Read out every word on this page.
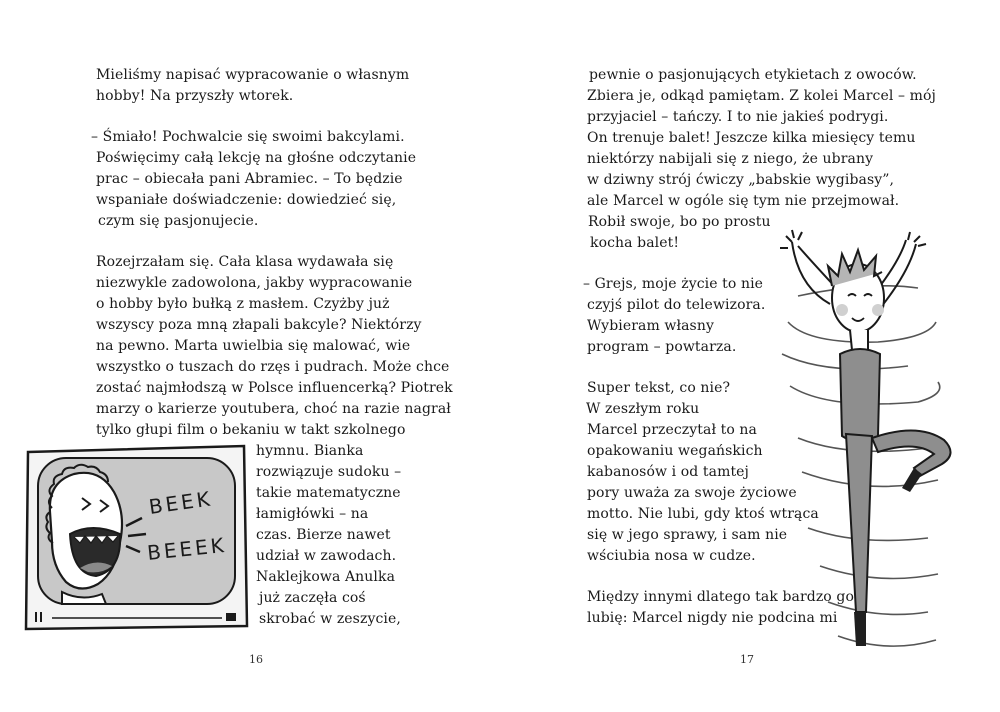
Mieliśmy napisać wypracowanie o własnym
hobby! Na przyszły wtorek.
– Śmiało! Pochwalcie się swoimi bakcylami.
Poświęcimy całą lekcję na głośne odczytanie
prac – obiecała pani Abramiec. – To będzie
wspaniałe doświadczenie: dowiedzieć się,
czym się pasjonujecie.
Rozejrzałam się. Cała klasa wydawała się
niezwykle zadowolona, jakby wypracowanie
o hobby było bułką z masłem. Czyżby już
wszyscy poza mną złapali bakcyle? Niektórzy
na pewno. Marta uwielbia się malować, wie
wszystko o tuszach do rzęs i pudrach. Może chce
zostać najmłodszą w Polsce influencerką? Piotrek
marzy o karierze youtubera, choć na razie nagrał
tylko głupi film o bekaniu w takt szkolnego
hymnu. Bianka
rozwiązuje sudoku –
takie matematyczne
łamigłówki – na
czas. Bierze nawet
udział w zawodach.
Naklejkowa Anulka
już zaczęła coś
skrobać w zeszycie,
BEEK
BEEEK
16
pewnie o pasjonujących etykietach z owoców.
Zbiera je, odkąd pamiętam. Z kolei Marcel – mój
przyjaciel – tańczy. I to nie jakieś podrygi.
On trenuje balet! Jeszcze kilka miesięcy temu
niektórzy nabijali się z niego, że ubrany
w dziwny strój ćwiczy „babskie wygibasy”,
ale Marcel w ogóle się tym nie przejmował.
Robił swoje, bo po prostu
kocha balet!
– Grejs, moje życie to nie
czyjś pilot do telewizora.
Wybieram własny
program – powtarza.
Super tekst, co nie?
W zeszłym roku
Marcel przeczytał to na
opakowaniu wegańskich
kabanosów i od tamtej
pory uważa za swoje życiowe
motto. Nie lubi, gdy ktoś wtrąca
się w jego sprawy, i sam nie
wściubia nosa w cudze.
Między innymi dlatego tak bardzo go
lubię: Marcel nigdy nie podcina mi
17
